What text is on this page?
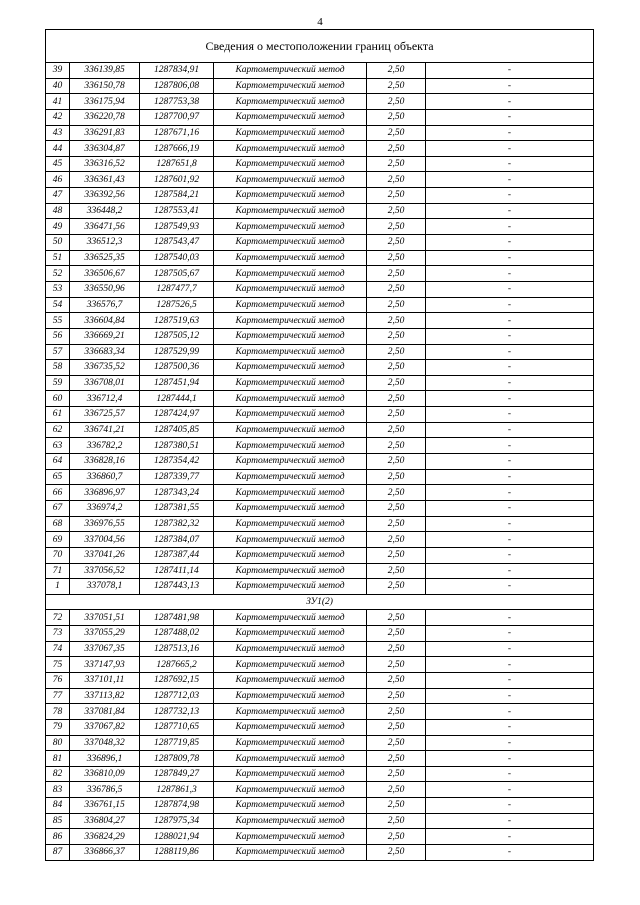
4
Сведения о местоположении границ объекта					
39	336139,85	1287834,91	Картометрический метод	2,50	-
40	336150,78	1287806,08	Картометрический метод	2,50	-
41	336175,94	1287753,38	Картометрический метод	2,50	-
42	336220,78	1287700,97	Картометрический метод	2,50	-
43	336291,83	1287671,16	Картометрический метод	2,50	-
44	336304,87	1287666,19	Картометрический метод	2,50	-
45	336316,52	1287651,8	Картометрический метод	2,50	-
46	336361,43	1287601,92	Картометрический метод	2,50	-
47	336392,56	1287584,21	Картометрический метод	2,50	-
48	336448,2	1287553,41	Картометрический метод	2,50	-
49	336471,56	1287549,93	Картометрический метод	2,50	-
50	336512,3	1287543,47	Картометрический метод	2,50	-
51	336525,35	1287540,03	Картометрический метод	2,50	-
52	336506,67	1287505,67	Картометрический метод	2,50	-
53	336550,96	1287477,7	Картометрический метод	2,50	-
54	336576,7	1287526,5	Картометрический метод	2,50	-
55	336604,84	1287519,63	Картометрический метод	2,50	-
56	336669,21	1287505,12	Картометрический метод	2,50	-
57	336683,34	1287529,99	Картометрический метод	2,50	-
58	336735,52	1287500,36	Картометрический метод	2,50	-
59	336708,01	1287451,94	Картометрический метод	2,50	-
60	336712,4	1287444,1	Картометрический метод	2,50	-
61	336725,57	1287424,97	Картометрический метод	2,50	-
62	336741,21	1287405,85	Картометрический метод	2,50	-
63	336782,2	1287380,51	Картометрический метод	2,50	-
64	336828,16	1287354,42	Картометрический метод	2,50	-
65	336860,7	1287339,77	Картометрический метод	2,50	-
66	336896,97	1287343,24	Картометрический метод	2,50	-
67	336974,2	1287381,55	Картометрический метод	2,50	-
68	336976,55	1287382,32	Картометрический метод	2,50	-
69	337004,56	1287384,07	Картометрический метод	2,50	-
70	337041,26	1287387,44	Картометрический метод	2,50	-
71	337056,52	1287411,14	Картометрический метод	2,50	-
1	337078,1	1287443,13	Картометрический метод	2,50	-
ЗУ1(2)					
72	337051,51	1287481,98	Картометрический метод	2,50	-
73	337055,29	1287488,02	Картометрический метод	2,50	-
74	337067,35	1287513,16	Картометрический метод	2,50	-
75	337147,93	1287665,2	Картометрический метод	2,50	-
76	337101,11	1287692,15	Картометрический метод	2,50	-
77	337113,82	1287712,03	Картометрический метод	2,50	-
78	337081,84	1287732,13	Картометрический метод	2,50	-
79	337067,82	1287710,65	Картометрический метод	2,50	-
80	337048,32	1287719,85	Картометрический метод	2,50	-
81	336896,1	1287809,78	Картометрический метод	2,50	-
82	336810,09	1287849,27	Картометрический метод	2,50	-
83	336786,5	1287861,3	Картометрический метод	2,50	-
84	336761,15	1287874,98	Картометрический метод	2,50	-
85	336804,27	1287975,34	Картометрический метод	2,50	-
86	336824,29	1288021,94	Картометрический метод	2,50	-
87	336866,37	1288119,86	Картометрический метод	2,50	-
